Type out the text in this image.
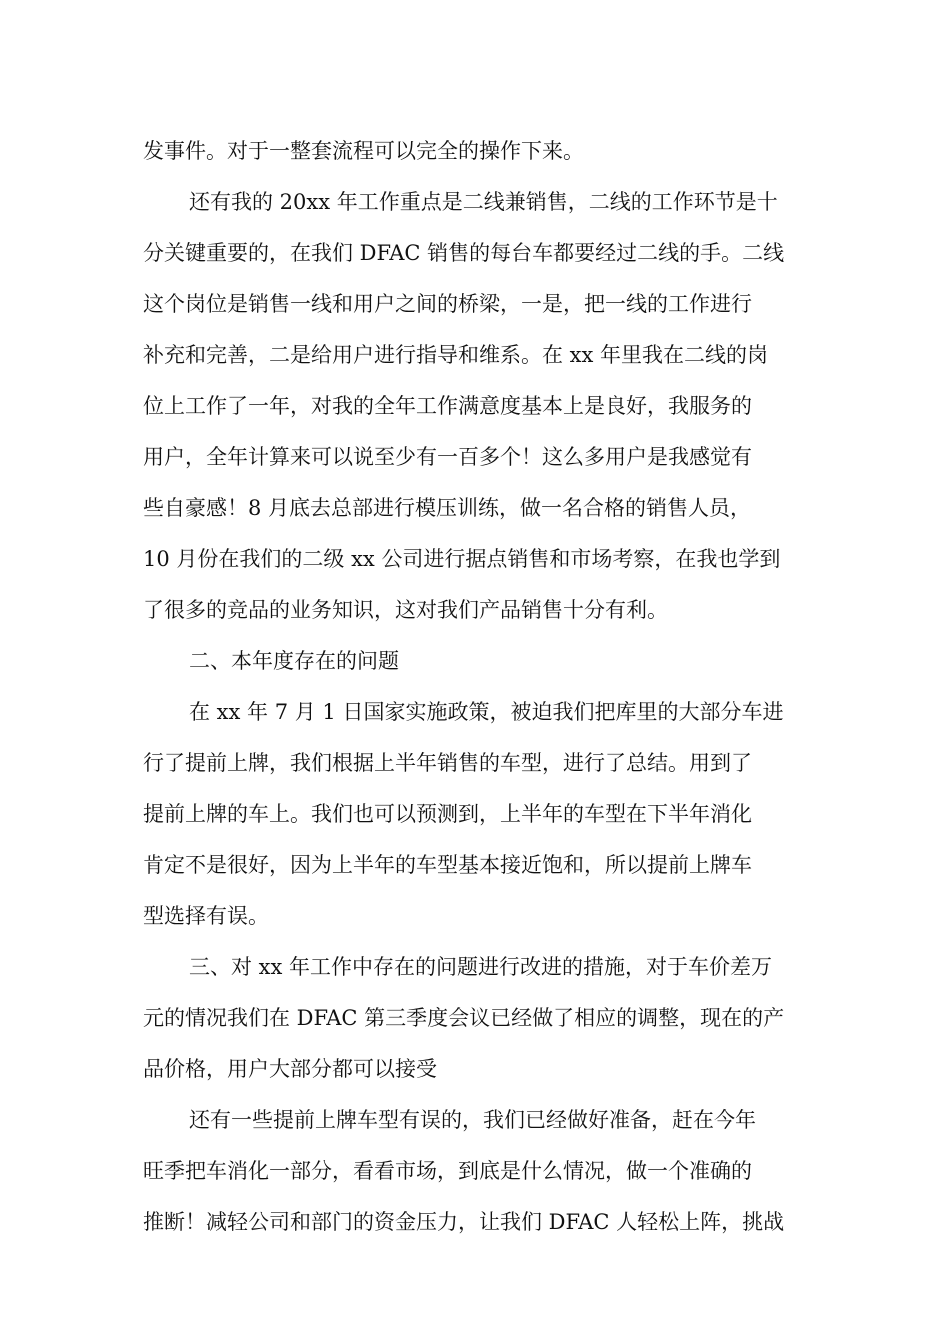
发事件。对于一整套流程可以完全的操作下来。
还有我的 20xx 年工作重点是二线兼销售，二线的工作环节是十
分关键重要的，在我们 DFAC 销售的每台车都要经过二线的手。二线
这个岗位是销售一线和用户之间的桥梁，一是，把一线的工作进行
补充和完善，二是给用户进行指导和维系。在 xx 年里我在二线的岗
位上工作了一年，对我的全年工作满意度基本上是良好，我服务的
用户，全年计算来可以说至少有一百多个！这么多用户是我感觉有
些自豪感！8 月底去总部进行模压训练，做一名合格的销售人员，
10 月份在我们的二级 xx 公司进行据点销售和市场考察，在我也学到
了很多的竞品的业务知识，这对我们产品销售十分有利。
二、本年度存在的问题
在 xx 年 7 月 1 日国家实施政策，被迫我们把库里的大部分车进
行了提前上牌，我们根据上半年销售的车型，进行了总结。用到了
提前上牌的车上。我们也可以预测到，上半年的车型在下半年消化
肯定不是很好，因为上半年的车型基本接近饱和，所以提前上牌车
型选择有误。
三、对 xx 年工作中存在的问题进行改进的措施，对于车价差万
元的情况我们在 DFAC 第三季度会议已经做了相应的调整，现在的产
品价格，用户大部分都可以接受
还有一些提前上牌车型有误的，我们已经做好准备，赶在今年
旺季把车消化一部分，看看市场，到底是什么情况，做一个准确的
推断！减轻公司和部门的资金压力，让我们 DFAC 人轻松上阵，挑战
